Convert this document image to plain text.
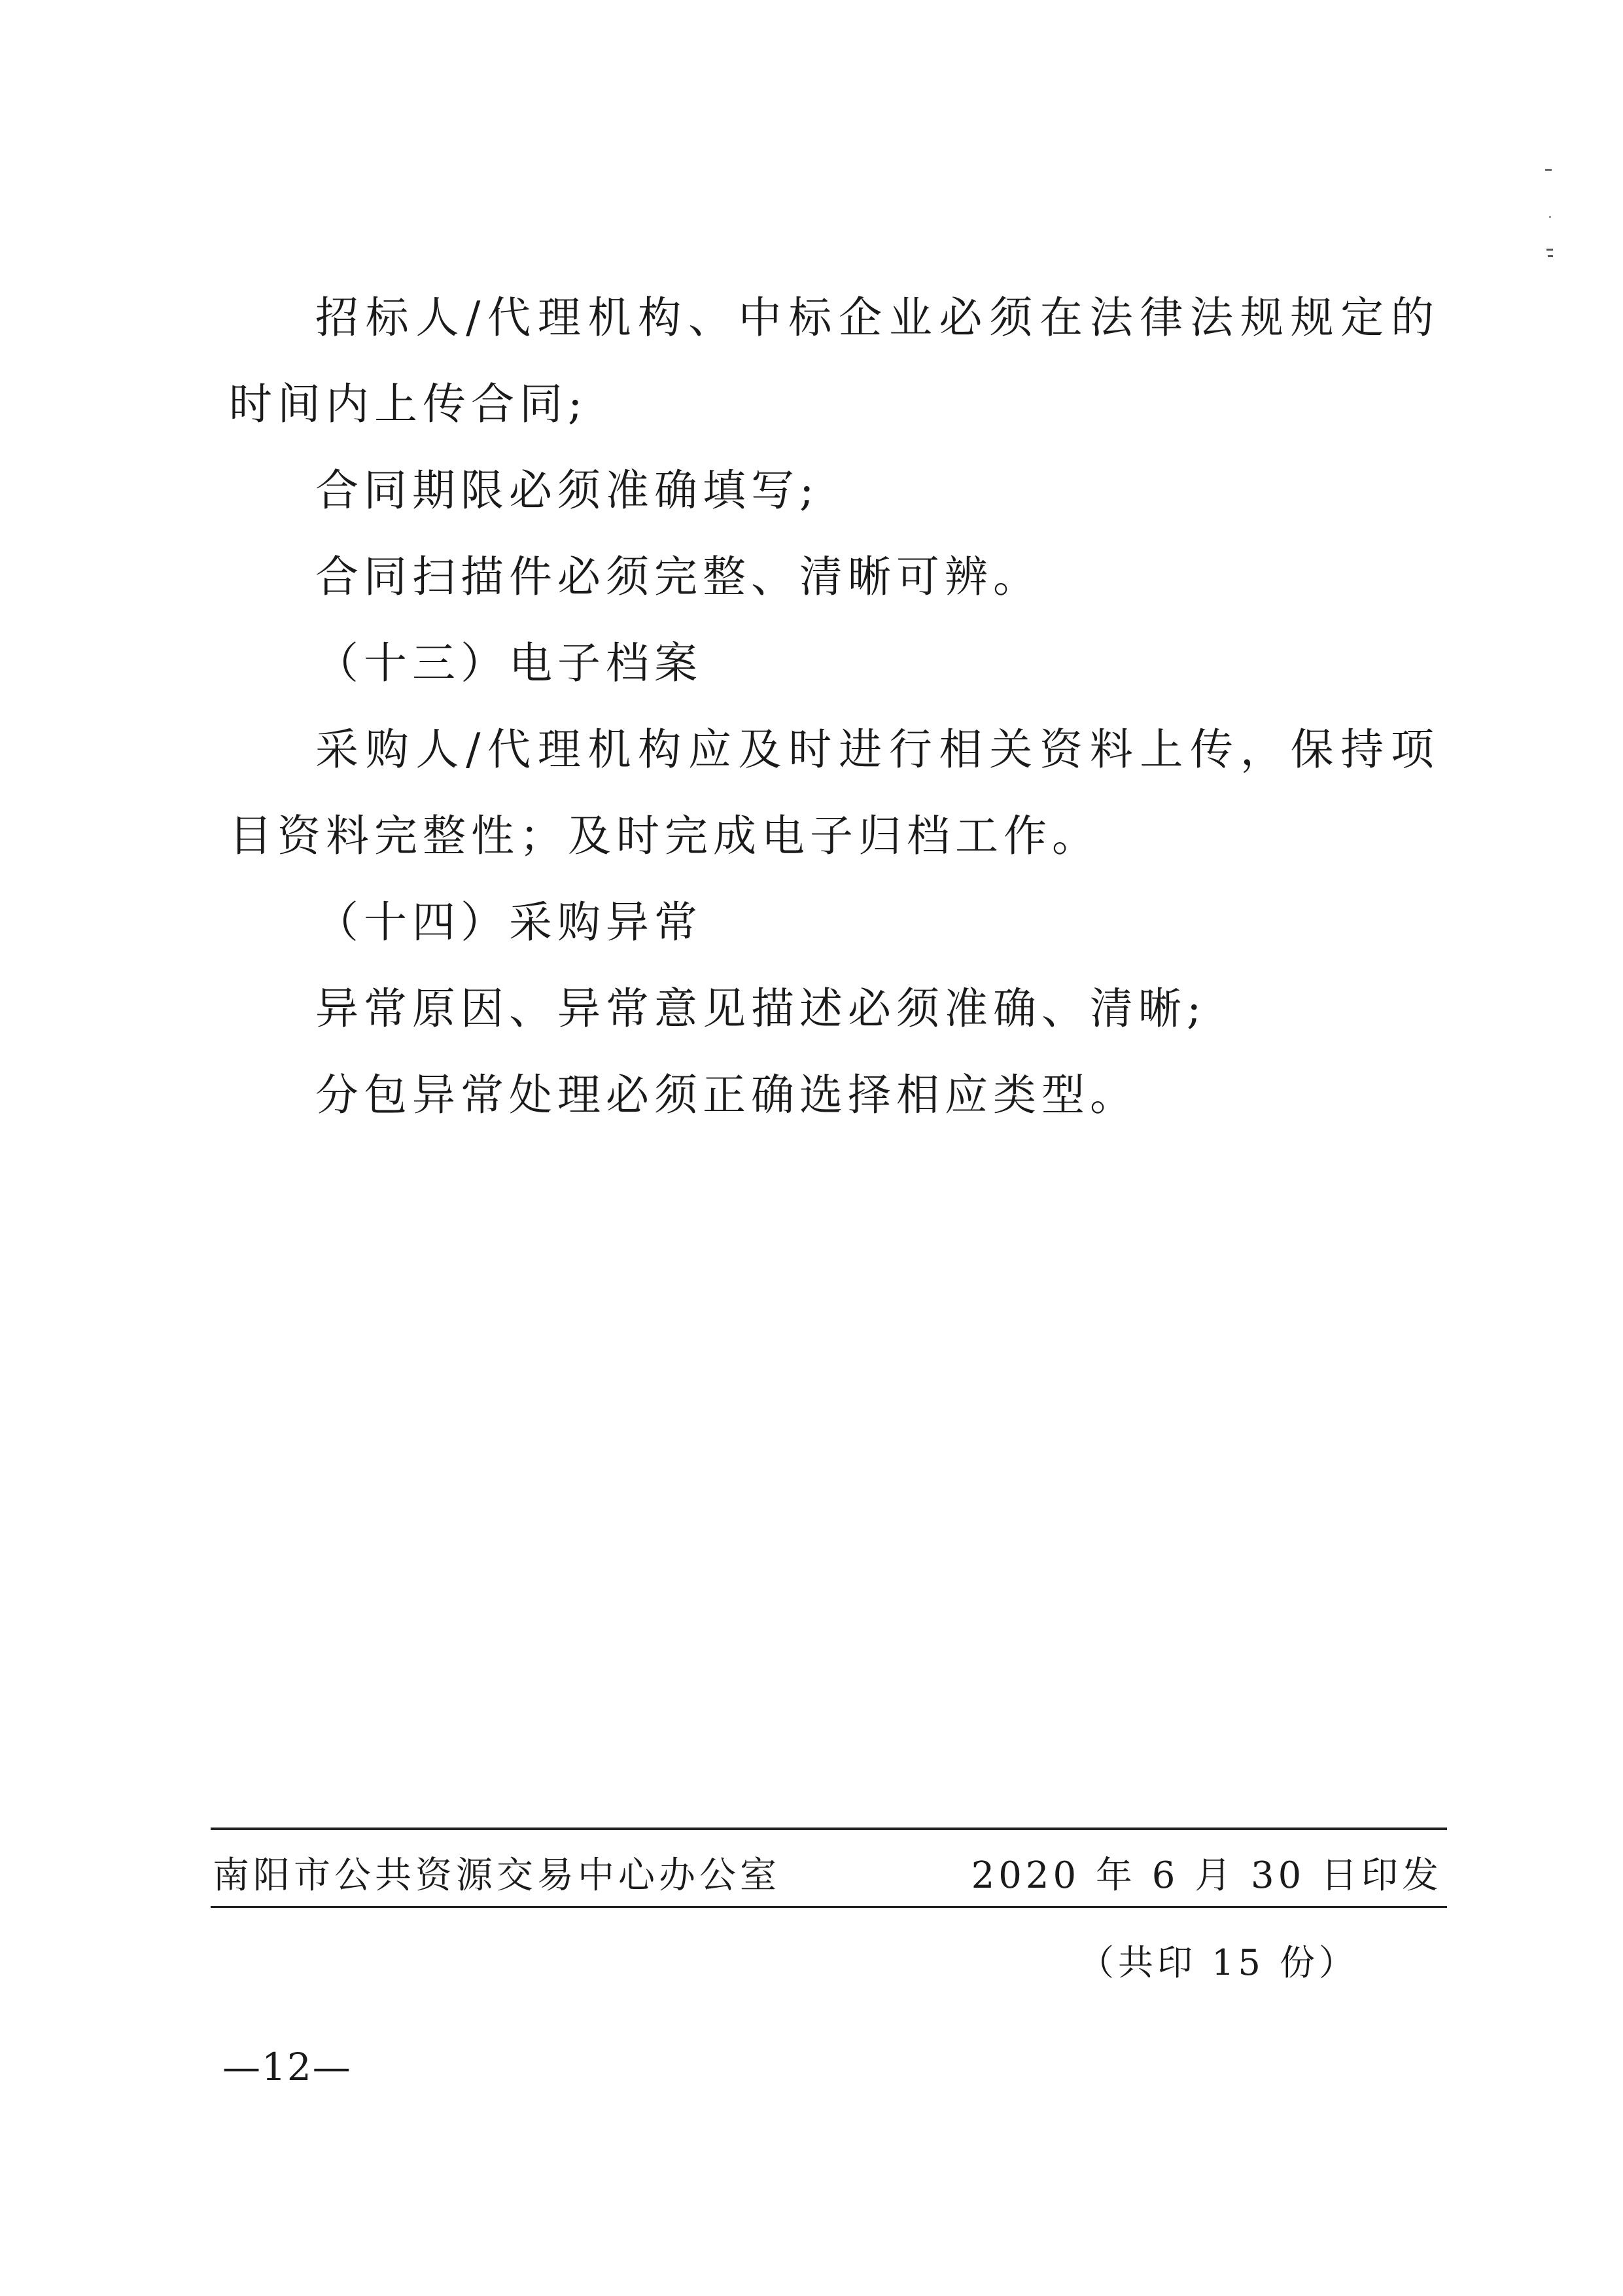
招标人/代理机构、中标企业必须在法律法规规定的时间内上传合同;

合同期限必须准确填写;

合同扫描件必须完整、清晰可辨。

（十三）电子档案

采购人/代理机构应及时进行相关资料上传，保持项目资料完整性；及时完成电子归档工作。

（十四）采购异常

异常原因、异常意见描述必须准确、清晰;

分包异常处理必须正确选择相应类型。

南阳市公共资源交易中心办公室	2020 年 6 月 30 日印发
（共印 15 份）
—12—
